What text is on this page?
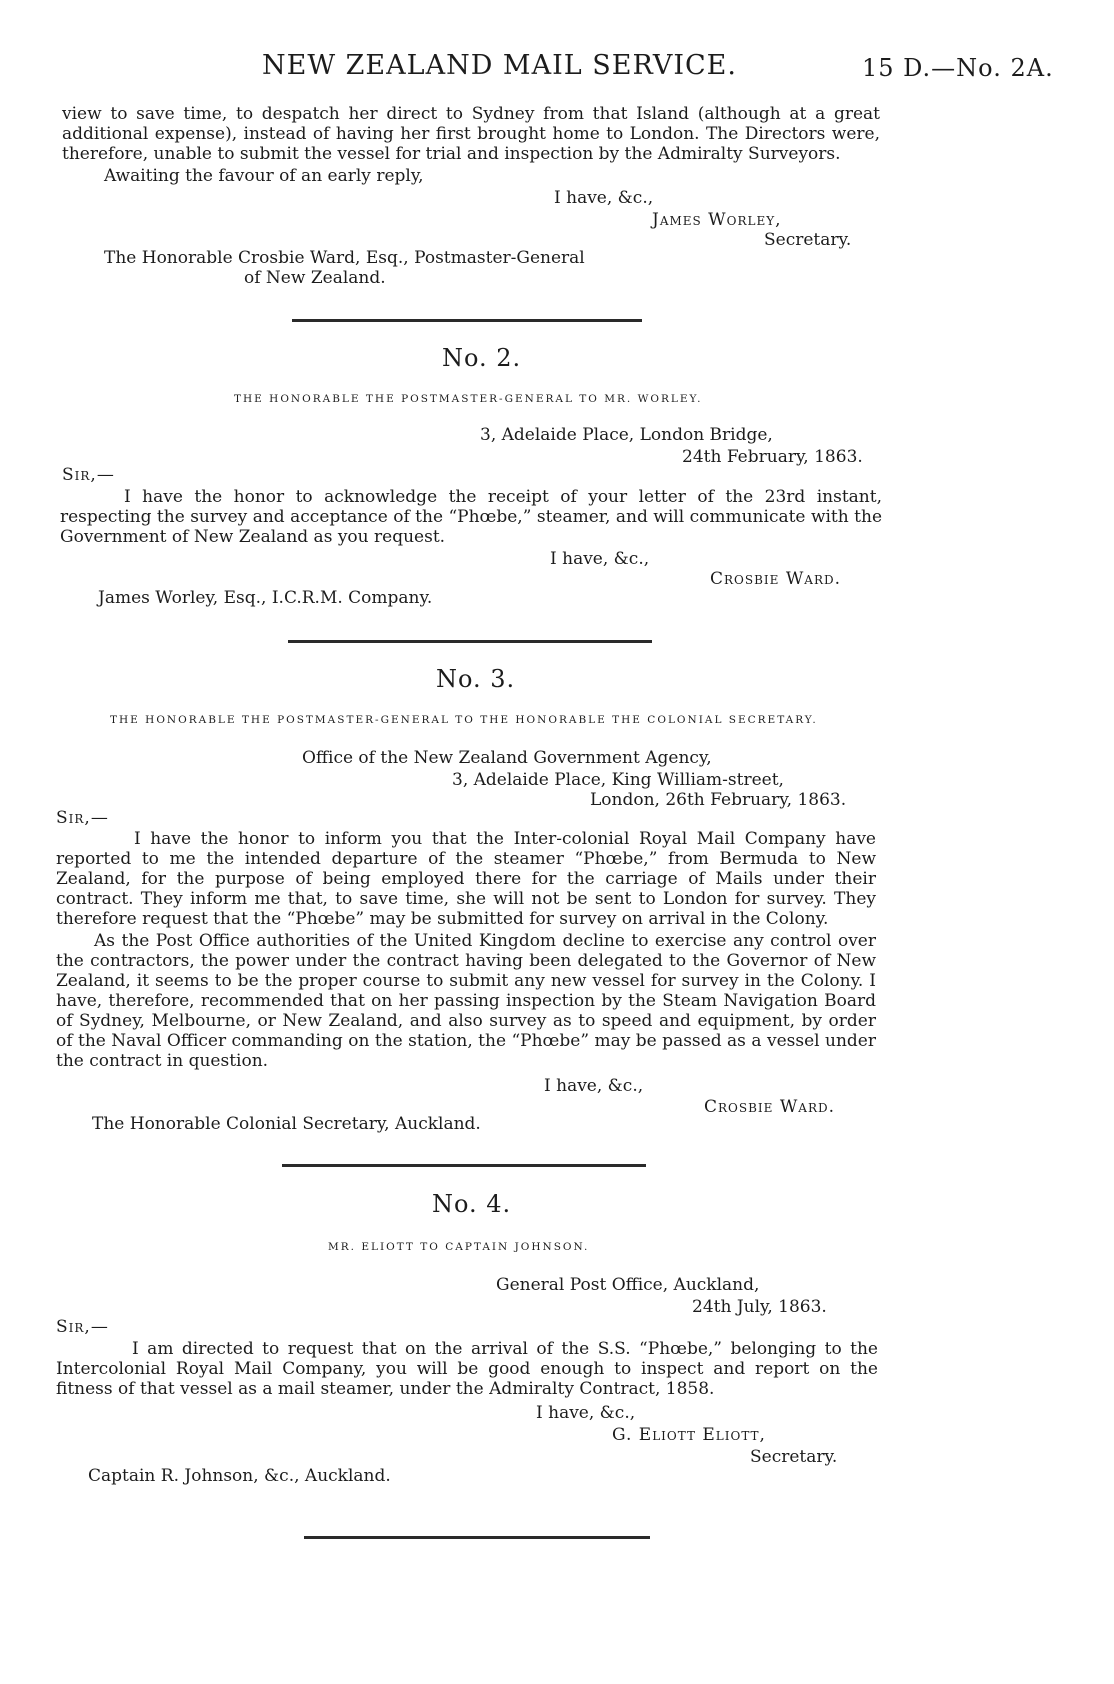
NEW ZEALAND MAIL SERVICE.	15 D.—No. 2A.

view to save time, to despatch her direct to Sydney from that Island (although at a great additional expense), instead of having her first brought home to London. The Directors were, therefore, unable to submit the vessel for trial and inspection by the Admiralty Surveyors.

Awaiting the favour of an early reply,
I have, &c.,
James Worley,
Secretary.
The Honorable Crosbie Ward, Esq., Postmaster-General
of New Zealand.
No. 2.
THE HONORABLE THE POSTMASTER-GENERAL TO MR. WORLEY.
3, Adelaide Place, London Bridge,
24th February, 1863.
Sir,—

I have the honor to acknowledge the receipt of your letter of the 23rd instant, respecting the survey and acceptance of the “Phœbe,” steamer, and will communicate with the Government of New Zealand as you request.

I have, &c.,
Crosbie Ward.
James Worley, Esq., I.C.R.M. Company.
No. 3.
THE HONORABLE THE POSTMASTER-GENERAL TO THE HONORABLE THE COLONIAL SECRETARY.
Office of the New Zealand Government Agency,
3, Adelaide Place, King William-street,
London, 26th February, 1863.
Sir,—

I have the honor to inform you that the Inter-colonial Royal Mail Company have reported to me the intended departure of the steamer “Phœbe,” from Bermuda to New Zealand, for the purpose of being employed there for the carriage of Mails under their contract. They inform me that, to save time, she will not be sent to London for survey. They therefore request that the “Phœbe” may be submitted for survey on arrival in the Colony.

As the Post Office authorities of the United Kingdom decline to exercise any control over the contractors, the power under the contract having been delegated to the Governor of New Zealand, it seems to be the proper course to submit any new vessel for survey in the Colony. I have, therefore, recommended that on her passing inspection by the Steam Navigation Board of Sydney, Melbourne, or New Zealand, and also survey as to speed and equipment, by order of the Naval Officer commanding on the station, the “Phœbe” may be passed as a vessel under the contract in question.

I have, &c.,
Crosbie Ward.
The Honorable Colonial Secretary, Auckland.
No. 4.
MR. ELIOTT TO CAPTAIN JOHNSON.
General Post Office, Auckland,
24th July, 1863.
Sir,—

I am directed to request that on the arrival of the S.S. “Phœbe,” belonging to the Intercolonial Royal Mail Company, you will be good enough to inspect and report on the fitness of that vessel as a mail steamer, under the Admiralty Contract, 1858.

I have, &c.,
G. Eliott Eliott,
Secretary.
Captain R. Johnson, &c., Auckland.
